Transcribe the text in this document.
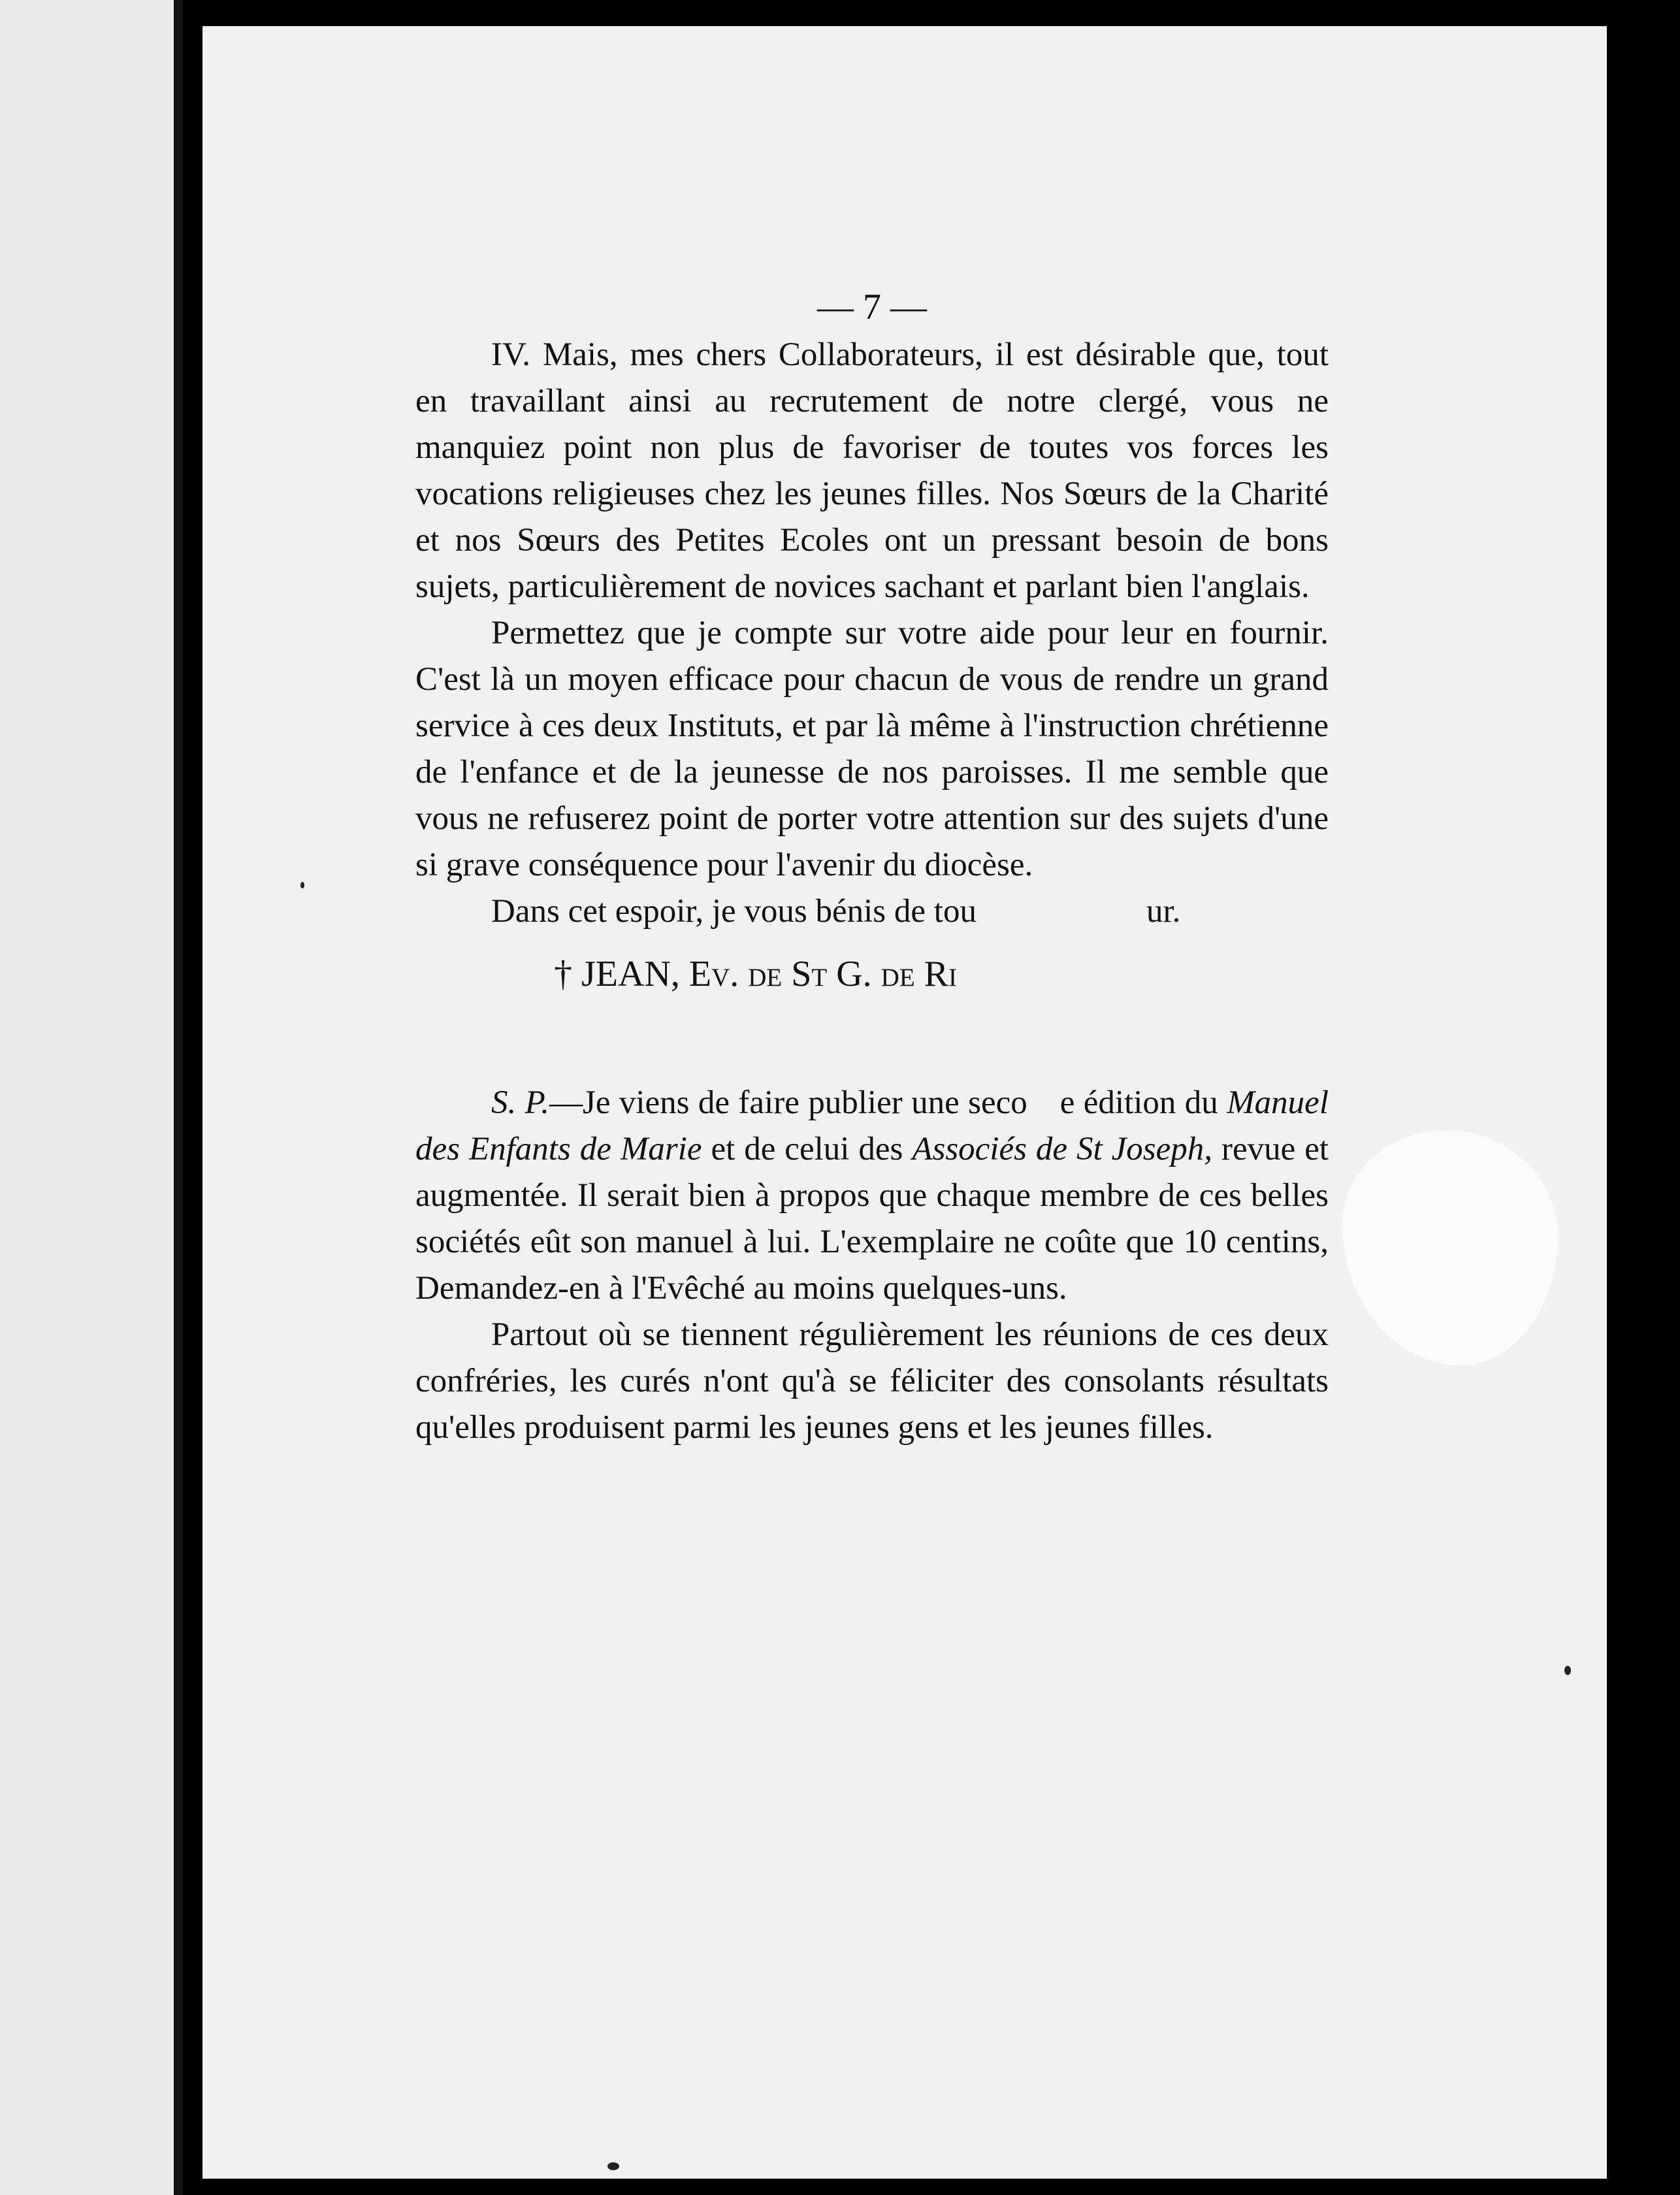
— 7 —

IV. Mais, mes chers Collaborateurs, il est désirable que, tout en travaillant ainsi au recrutement de notre clergé, vous ne manquiez point non plus de favoriser de toutes vos forces les vocations religieuses chez les jeunes filles. Nos Sœurs de la Charité et nos Sœurs des Petites Ecoles ont un pressant besoin de bons sujets, particulièrement de novices sachant et parlant bien l'anglais.

Permettez que je compte sur votre aide pour leur en fournir. C'est là un moyen efficace pour chacun de vous de rendre un grand service à ces deux Instituts, et par là même à l'instruction chrétienne de l'enfance et de la jeunesse de nos paroisses. Il me semble que vous ne refuserez point de porter votre attention sur des sujets d'une si grave conséquence pour l'avenir du diocèse.

Dans cet espoir, je vous bénis de tou	ur.

† JEAN, Ev. de St G. de Ri

S. P.—Je viens de faire publier une seco e édition du Manuel des Enfants de Marie et de celui des Associés de St Joseph, revue et augmentée. Il serait bien à propos que chaque membre de ces belles sociétés eût son manuel à lui. L'exemplaire ne coûte que 10 centins, Demandez-en à l'Evêché au moins quelques-uns.

Partout où se tiennent régulièrement les réunions de ces deux confréries, les curés n'ont qu'à se féliciter des consolants résultats qu'elles produisent parmi les jeunes gens et les jeunes filles.
